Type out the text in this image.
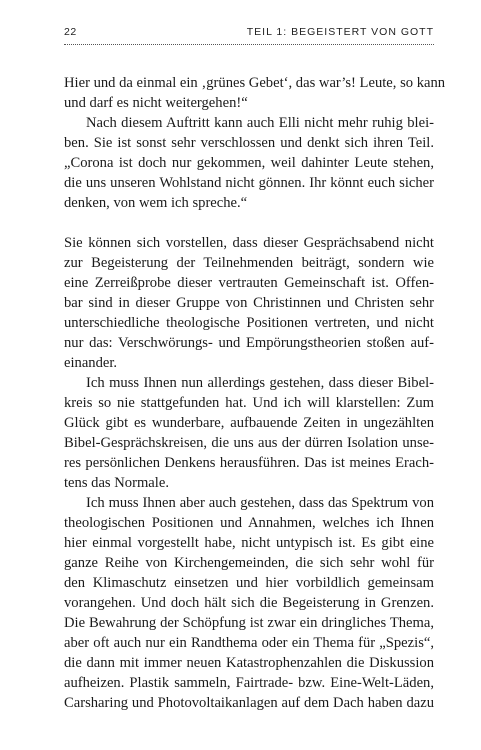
22	TEIL 1: BEGEISTERT VON GOTT
Hier und da einmal ein ‚grünes Gebet‘, das war’s! Leute, so kann
und darf es nicht weitergehen!“
Nach diesem Auftritt kann auch Elli nicht mehr ruhig blei-
ben. Sie ist sonst sehr verschlossen und denkt sich ihren Teil.
„Corona ist doch nur gekommen, weil dahinter Leute stehen,
die uns unseren Wohlstand nicht gönnen. Ihr könnt euch sicher
denken, von wem ich spreche.“
Sie können sich vorstellen, dass dieser Gesprächsabend nicht
zur Begeisterung der Teilnehmenden beiträgt, sondern wie
eine Zerreißprobe dieser vertrauten Gemeinschaft ist. Offen-
bar sind in dieser Gruppe von Christinnen und Christen sehr
unterschiedliche theologische Positionen vertreten, und nicht
nur das: Verschwörungs- und Empörungstheorien stoßen auf-
einander.
Ich muss Ihnen nun allerdings gestehen, dass dieser Bibel-
kreis so nie stattgefunden hat. Und ich will klarstellen: Zum
Glück gibt es wunderbare, aufbauende Zeiten in ungezählten
Bibel-Gesprächskreisen, die uns aus der dürren Isolation unse-
res persönlichen Denkens herausführen. Das ist meines Erach-
tens das Normale.
Ich muss Ihnen aber auch gestehen, dass das Spektrum von
theologischen Positionen und Annahmen, welches ich Ihnen
hier einmal vorgestellt habe, nicht untypisch ist. Es gibt eine
ganze Reihe von Kirchengemeinden, die sich sehr wohl für
den Klimaschutz einsetzen und hier vorbildlich gemeinsam
vorangehen. Und doch hält sich die Begeisterung in Grenzen.
Die Bewahrung der Schöpfung ist zwar ein dringliches Thema,
aber oft auch nur ein Randthema oder ein Thema für „Spezis“,
die dann mit immer neuen Katastrophenzahlen die Diskussion
aufheizen. Plastik sammeln, Fairtrade- bzw. Eine-Welt-Läden,
Carsharing und Photovoltaikanlagen auf dem Dach haben dazu
